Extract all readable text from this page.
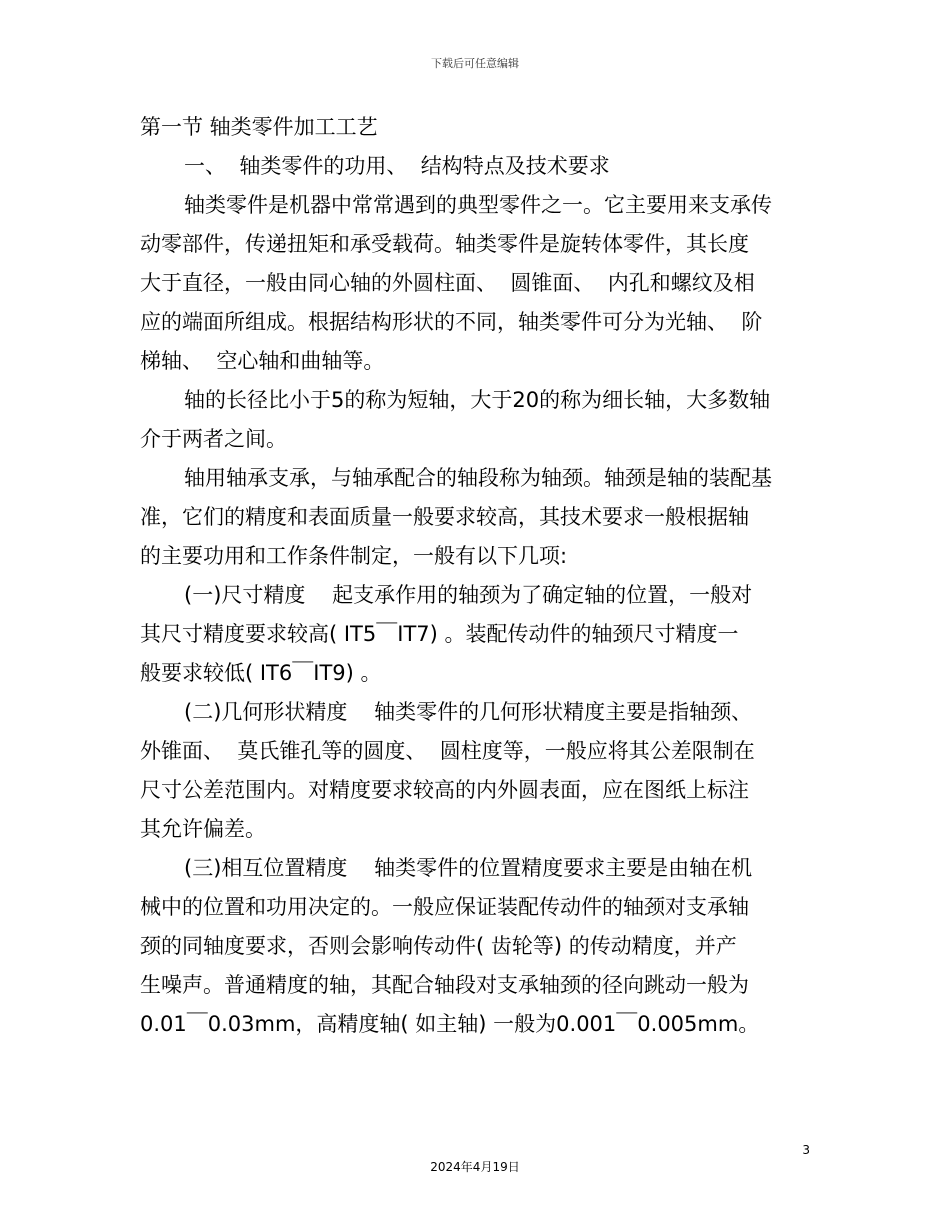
下载后可任意编辑
第一节 轴类零件加工工艺
一、  轴类零件的功用、  结构特点及技术要求
轴类零件是机器中常常遇到的典型零件之一。它主要用来支承传
动零部件，传递扭矩和承受载荷。轴类零件是旋转体零件，其长度
大于直径，一般由同心轴的外圆柱面、  圆锥面、  内孔和螺纹及相
应的端面所组成。根据结构形状的不同，轴类零件可分为光轴、  阶
梯轴、  空心轴和曲轴等。
轴的长径比小于5的称为短轴，大于20的称为细长轴，大多数轴
介于两者之间。
轴用轴承支承，与轴承配合的轴段称为轴颈。轴颈是轴的装配基
准，它们的精度和表面质量一般要求较高，其技术要求一般根据轴
的主要功用和工作条件制定，一般有以下几项:
(一)尺寸精度    起支承作用的轴颈为了确定轴的位置，一般对
其尺寸精度要求较高( IT5￣IT7) 。装配传动件的轴颈尺寸精度一
般要求较低( IT6￣IT9) 。
(二)几何形状精度    轴类零件的几何形状精度主要是指轴颈、
外锥面、  莫氏锥孔等的圆度、  圆柱度等，一般应将其公差限制在
尺寸公差范围内。对精度要求较高的内外圆表面，应在图纸上标注
其允许偏差。
(三)相互位置精度    轴类零件的位置精度要求主要是由轴在机
械中的位置和功用决定的。一般应保证装配传动件的轴颈对支承轴
颈的同轴度要求，否则会影响传动件( 齿轮等) 的传动精度，并产
生噪声。普通精度的轴，其配合轴段对支承轴颈的径向跳动一般为
0.01￣0.03mm，高精度轴( 如主轴) 一般为0.001￣0.005mm。
3
2024年4月19日
